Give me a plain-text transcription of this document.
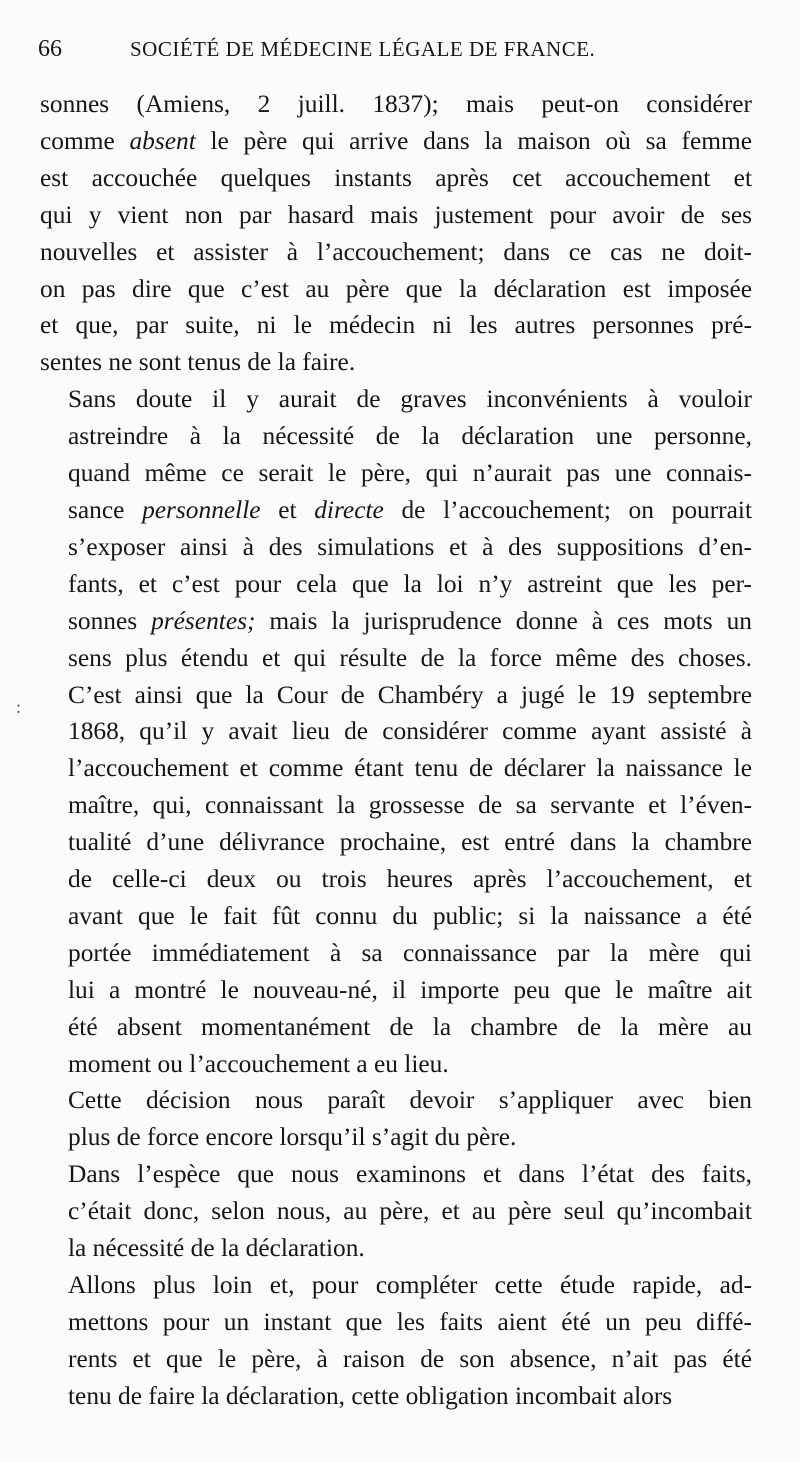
66	SOCIÉTÉ DE MÉDECINE LÉGALE DE FRANCE.
:
sonnes (Amiens, 2 juill. 1837); mais peut-on considérer
comme absent le père qui arrive dans la maison où sa femme
est accouchée quelques instants après cet accouchement et
qui y vient non par hasard mais justement pour avoir de ses
nouvelles et assister à l’accouchement; dans ce cas ne doit-
on pas dire que c’est au père que la déclaration est imposée
et que, par suite, ni le médecin ni les autres personnes pré-
sentes ne sont tenus de la faire.
Sans doute il y aurait de graves inconvénients à vouloir
astreindre à la nécessité de la déclaration une personne,
quand même ce serait le père, qui n’aurait pas une connais-
sance personnelle et directe de l’accouchement; on pourrait
s’exposer ainsi à des simulations et à des suppositions d’en-
fants, et c’est pour cela que la loi n’y astreint que les per-
sonnes présentes; mais la jurisprudence donne à ces mots un
sens plus étendu et qui résulte de la force même des choses.
C’est ainsi que la Cour de Chambéry a jugé le 19 septembre
1868, qu’il y avait lieu de considérer comme ayant assisté à
l’accouchement et comme étant tenu de déclarer la naissance le
maître, qui, connaissant la grossesse de sa servante et l’éven-
tualité d’une délivrance prochaine, est entré dans la chambre
de celle-ci deux ou trois heures après l’accouchement, et
avant que le fait fût connu du public; si la naissance a été
portée immédiatement à sa connaissance par la mère qui
lui a montré le nouveau-né, il importe peu que le maître ait
été absent momentanément de la chambre de la mère au
moment ou l’accouchement a eu lieu.
Cette décision nous paraît devoir s’appliquer avec bien
plus de force encore lorsqu’il s’agit du père.
Dans l’espèce que nous examinons et dans l’état des faits,
c’était donc, selon nous, au père, et au père seul qu’incombait
la nécessité de la déclaration.
Allons plus loin et, pour compléter cette étude rapide, ad-
mettons pour un instant que les faits aient été un peu diffé-
rents et que le père, à raison de son absence, n’ait pas été
tenu de faire la déclaration, cette obligation incombait alors
